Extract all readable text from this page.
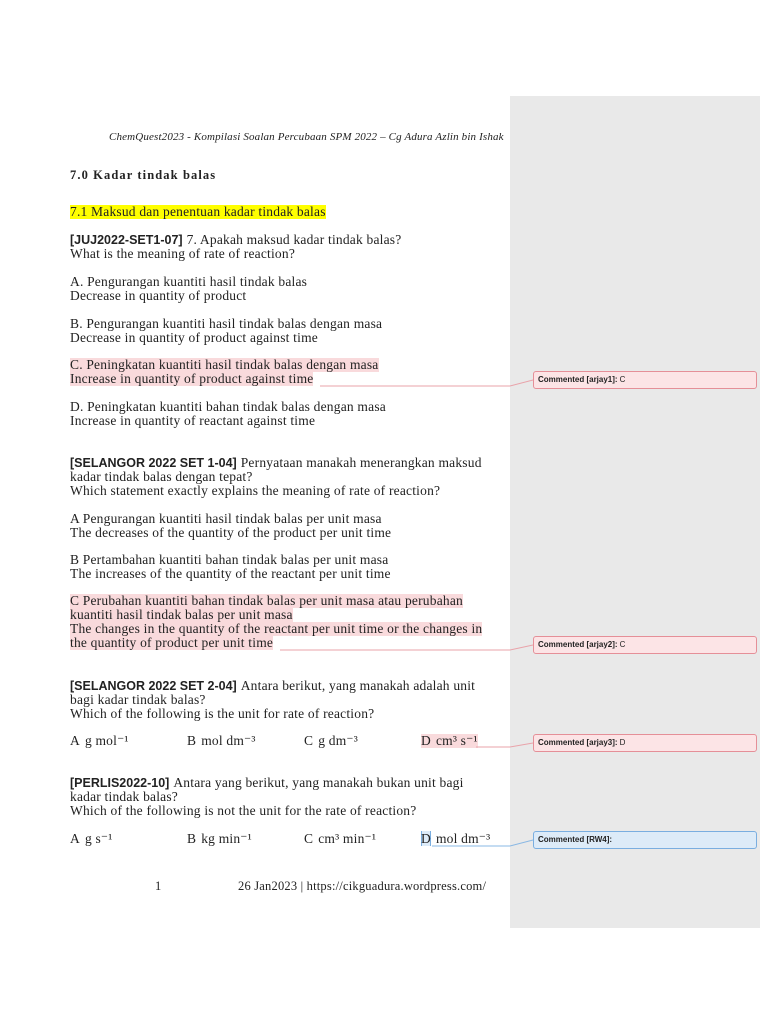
ChemQuest2023 - Kompilasi Soalan Percubaan SPM 2022 – Cg Adura Azlin bin Ishak
7.0 Kadar tindak balas
7.1 Maksud dan penentuan kadar tindak balas
[JUJ2022-SET1-07] 7. Apakah maksud kadar tindak balas?
What is the meaning of rate of reaction?
A. Pengurangan kuantiti hasil tindak balas
Decrease in quantity of product
B. Pengurangan kuantiti hasil tindak balas dengan masa
Decrease in quantity of product against time
C. Peningkatan kuantiti hasil tindak balas dengan masa
Increase in quantity of product against time
D. Peningkatan kuantiti bahan tindak balas dengan masa
Increase in quantity of reactant against time
[SELANGOR 2022 SET 1-04] Pernyataan manakah menerangkan maksud
kadar tindak balas dengan tepat?
Which statement exactly explains the meaning of rate of reaction?
A Pengurangan kuantiti hasil tindak balas per unit masa
The decreases of the quantity of the product per unit time
B Pertambahan kuantiti bahan tindak balas per unit masa
The increases of the quantity of the reactant per unit time
C Perubahan kuantiti bahan tindak balas per unit masa atau perubahan
kuantiti hasil tindak balas per unit masa
The changes in the quantity of the reactant per unit time or the changes in
the quantity of product per unit time
[SELANGOR 2022 SET 2-04] Antara berikut, yang manakah adalah unit
bagi kadar tindak balas?
Which of the following is the unit for rate of reaction?
A g mol⁻¹	B mol dm⁻³	C g dm⁻³	D cm³ s⁻¹
[PERLIS2022-10] Antara yang berikut, yang manakah bukan unit bagi
kadar tindak balas?
Which of the following is not the unit for the rate of reaction?
A g s⁻¹	B kg min⁻¹	C cm³ min⁻¹	D mol dm⁻³
1	26 Jan2023 | https://cikguadura.wordpress.com/
Commented [arjay1]: C
Commented [arjay2]: C
Commented [arjay3]: D
Commented [RW4]:
